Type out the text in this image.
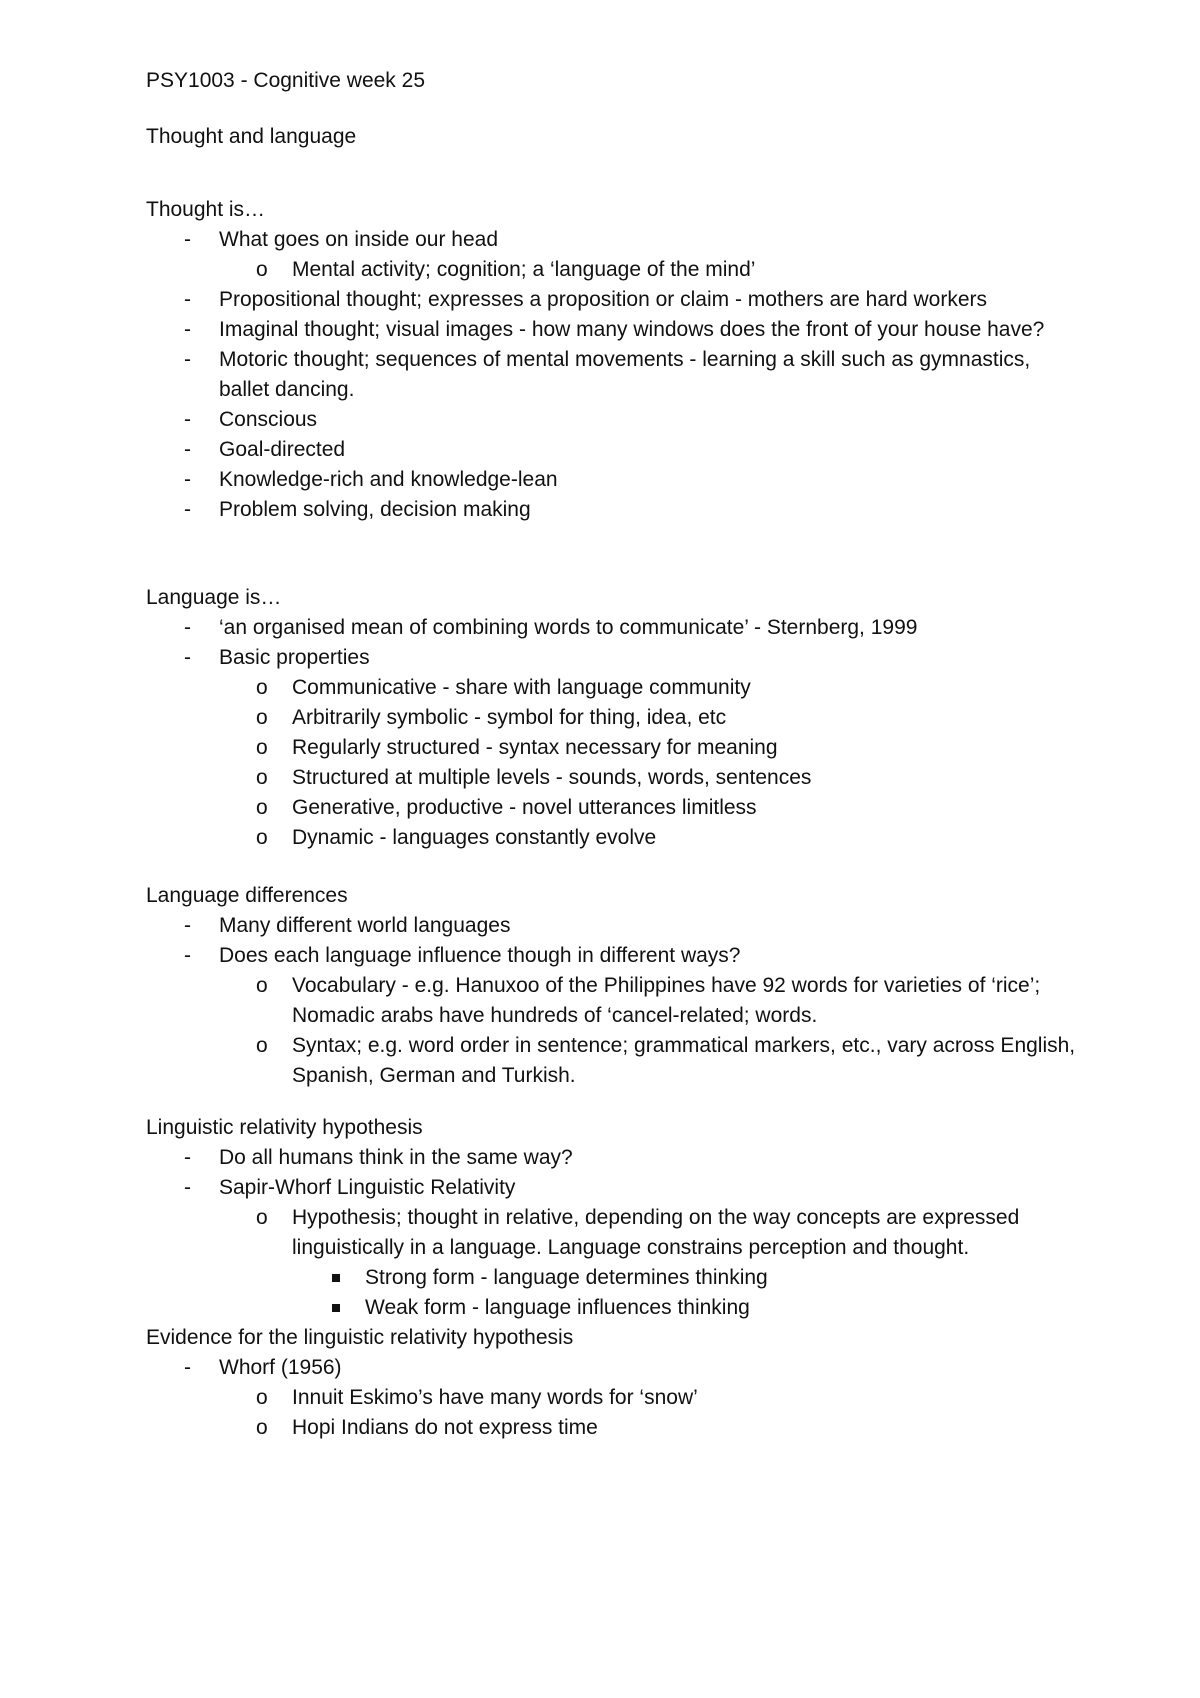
PSY1003 - Cognitive week 25
Thought and language
Thought is…
- What goes on inside our head
o Mental activity; cognition; a ‘language of the mind’
- Propositional thought; expresses a proposition or claim - mothers are hard workers
- Imaginal thought; visual images - how many windows does the front of your house have?
- Motoric thought; sequences of mental movements - learning a skill such as gymnastics, ballet dancing.
- Conscious
- Goal-directed
- Knowledge-rich and knowledge-lean
- Problem solving, decision making
Language is…
- ‘an organised mean of combining words to communicate’ - Sternberg, 1999
- Basic properties
o Communicative - share with language community
o Arbitrarily symbolic - symbol for thing, idea, etc
o Regularly structured - syntax necessary for meaning
o Structured at multiple levels - sounds, words, sentences
o Generative, productive - novel utterances limitless
o Dynamic - languages constantly evolve
Language differences
- Many different world languages
- Does each language influence though in different ways?
o Vocabulary - e.g. Hanuxoo of the Philippines have 92 words for varieties of ‘rice’; Nomadic arabs have hundreds of ‘cancel-related; words.
o Syntax; e.g. word order in sentence; grammatical markers, etc., vary across English, Spanish, German and Turkish.
Linguistic relativity hypothesis
- Do all humans think in the same way?
- Sapir-Whorf Linguistic Relativity
o Hypothesis; thought in relative, depending on the way concepts are expressed linguistically in a language. Language constrains perception and thought.
Strong form - language determines thinking
Weak form - language influences thinking
Evidence for the linguistic relativity hypothesis
- Whorf (1956)
o Innuit Eskimo’s have many words for ‘snow’
o Hopi Indians do not express time
